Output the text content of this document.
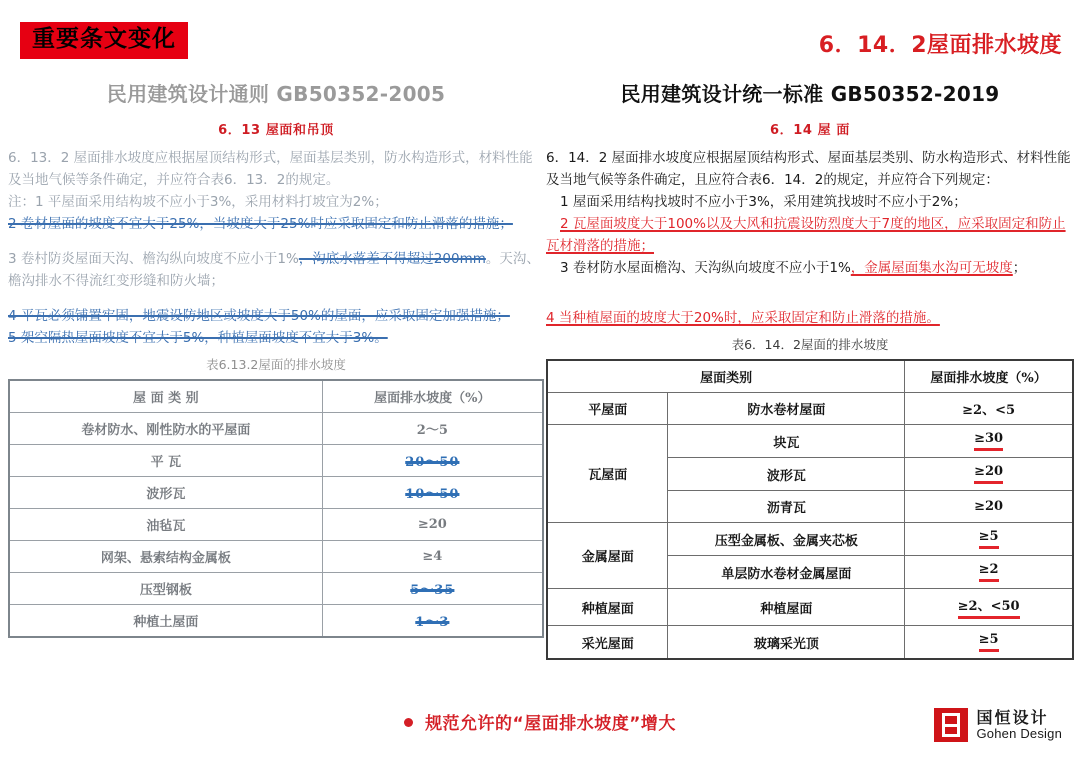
重要条文变化	6．14．2屋面排水坡度
民用建筑设计通则 GB50352-2005
6．13 屋面和吊顶

6．13．2 屋面排水坡度应根据屋顶结构形式，屋面基层类别，防水构造形式，材料性能及当地气候等条件确定，并应符合表6．13．2的规定。

注：1 平屋面采用结构坡不应小于3%，采用材料打坡宜为2%；

2 卷材屋面的坡度不宜大于25%，当坡度大于25%时应采取固定和防止滑落的措施；

3 卷村防炎屋面天沟、檐沟纵向坡度不应小于1%，沟底水落差不得超过200mm。天沟、檐沟排水不得流红变形缝和防火墙；

4 平瓦必须铺置牢固，地震设防地区或坡度大于50%的屋面，应采取固定加强措施；

5 架空隔热屋面坡度不宜大于5%，种植屋面坡度不宜大于3%。

表6.13.2屋面的排水坡度
屋 面 类 别	屋面排水坡度（%）
卷材防水、刚性防水的平屋面	2～5
平 瓦	20～50
波形瓦	10～50
油毡瓦	≥20
网架、悬索结构金属板	≥4
压型钢板	5～35
种植土屋面	1～3
民用建筑设计统一标准 GB50352-2019
6．14 屋 面

6．14．2 屋面排水坡度应根据屋顶结构形式、屋面基层类别、防水构造形式、材料性能及当地气候等条件确定，且应符合表6．14．2的规定，并应符合下列规定：

1 屋面采用结构找坡时不应小于3%，采用建筑找坡时不应小于2%；

2 瓦屋面坡度大于100%以及大风和抗震设防烈度大于7度的地区，应采取固定和防止瓦材滑落的措施；

3 卷材防水屋面檐沟、天沟纵向坡度不应小于1%，金属屋面集水沟可无坡度；

4 当种植屋面的坡度大于20%时，应采取固定和防止滑落的措施。

表6．14．2屋面的排水坡度
屋面类别		屋面排水坡度（%）
平屋面	防水卷材屋面	≥2、<5
瓦屋面	块瓦	≥30
	波形瓦	≥20
	沥青瓦	≥20
金属屋面	压型金属板、金属夹芯板	≥5
	单层防水卷材金属屋面	≥2
种植屋面	种植屋面	≥2、<50
采光屋面	玻璃采光顶	≥5
规范允许的“屋面排水坡度”增大	国恒设计
Gohen Design
